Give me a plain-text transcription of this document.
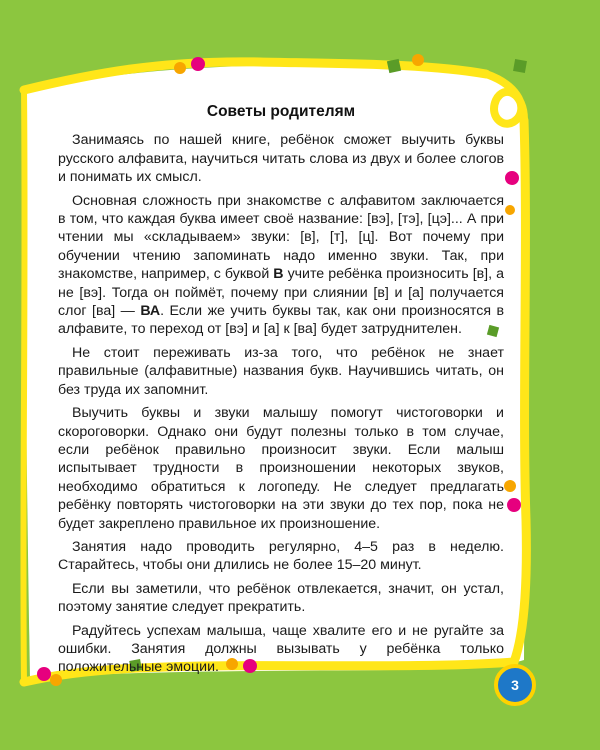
Советы родителям

Занимаясь по нашей книге, ребёнок сможет выучить буквы русского алфавита, научиться читать слова из двух и более слогов и понимать их смысл.

Основная сложность при знакомстве с алфавитом заключается в том, что каждая буква имеет своё название: [вэ], [тэ], [цэ]... А при чтении мы «складываем» звуки: [в], [т], [ц]. Вот почему при обучении чтению запоминать надо именно звуки. Так, при знакомстве, например, с буквой В учите ребёнка произносить [в], а не [вэ]. Тогда он поймёт, почему при слиянии [в] и [а] получается слог [ва] — ВА. Если же учить буквы так, как они произносятся в алфавите, то переход от [вэ] и [а] к [ва] будет затруднителен.

Не стоит переживать из-за того, что ребёнок не знает правильные (алфавитные) названия букв. Научившись читать, он без труда их запомнит.

Выучить буквы и звуки малышу помогут чистоговорки и скороговорки. Однако они будут полезны только в том случае, если ребёнок правильно произносит звуки. Если малыш испытывает трудности в произношении некоторых звуков, необходимо обратиться к логопеду. Не следует предлагать ребёнку повторять чистоговорки на эти звуки до тех пор, пока не будет закреплено правильное их произношение.

Занятия надо проводить регулярно, 4–5 раз в неделю. Старайтесь, чтобы они длились не более 15–20 минут.

Если вы заметили, что ребёнок отвлекается, значит, он устал, поэтому занятие следует прекратить.

Радуйтесь успехам малыша, чаще хвалите его и не ругайте за ошибки. Занятия должны вызывать у ребёнка только положительные эмоции.

3
